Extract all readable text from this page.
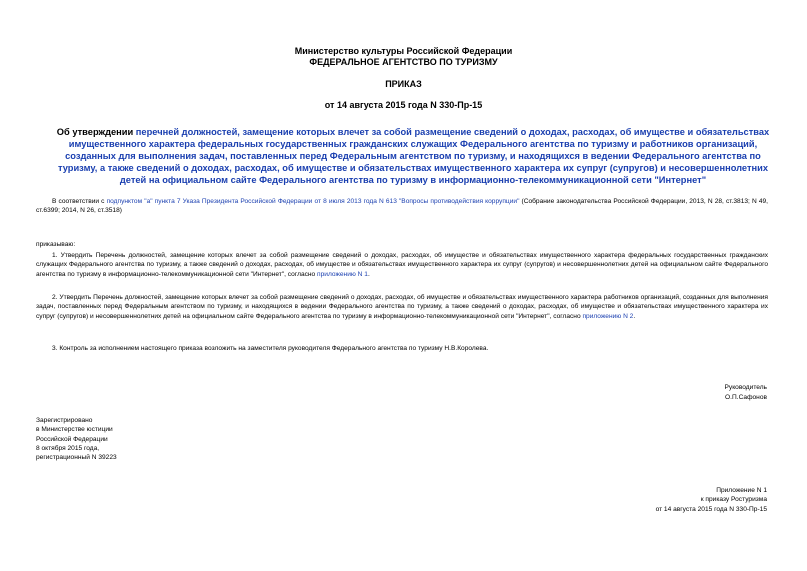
Министерство культуры Российской Федерации
ФЕДЕРАЛЬНОЕ АГЕНТСТВО ПО ТУРИЗМУ
ПРИКАЗ
от 14 августа 2015 года N 330-Пр-15
Об утверждении перечней должностей, замещение которых влечет за собой размещение сведений о доходах, расходах, об имуществе и обязательствах имущественного характера федеральных государственных гражданских служащих Федерального агентства по туризму и работников организаций, созданных для выполнения задач, поставленных перед Федеральным агентством по туризму, и находящихся в ведении Федерального агентства по туризму, а также сведений о доходах, расходах, об имуществе и обязательствах имущественного характера их супруг (супругов) и несовершеннолетних детей на официальном сайте Федерального агентства по туризму в информационно-телекоммуникационной сети "Интернет"
В соответствии с подпунктом "а" пункта 7 Указа Президента Российской Федерации от 8 июля 2013 года N 613 "Вопросы противодействия коррупции" (Собрание законодательства Российской Федерации, 2013, N 28, ст.3813; N 49, ст.6399; 2014, N 26, ст.3518)
приказываю:
1. Утвердить Перечень должностей, замещение которых влечет за собой размещение сведений о доходах, расходах, об имуществе и обязательствах имущественного характера федеральных государственных гражданских служащих Федерального агентства по туризму, а также сведений о доходах, расходах, об имуществе и обязательствах имущественного характера их супруг (супругов) и несовершеннолетних детей на официальном сайте Федерального агентства по туризму в информационно-телекоммуникационной сети "Интернет", согласно приложению N 1.
2. Утвердить Перечень должностей, замещение которых влечет за собой размещение сведений о доходах, расходах, об имуществе и обязательствах имущественного характера работников организаций, созданных для выполнения задач, поставленных перед Федеральным агентством по туризму, и находящихся в ведении Федерального агентства по туризму, а также сведений о доходах, расходах, об имуществе и обязательствах имущественного характера их супруг (супругов) и несовершеннолетних детей на официальном сайте Федерального агентства по туризму в информационно-телекоммуникационной сети "Интернет", согласно приложению N 2.
3. Контроль за исполнением настоящего приказа возложить на заместителя руководителя Федерального агентства по туризму Н.В.Королева.
Руководитель
О.П.Сафонов
Зарегистрировано
в Министерстве юстиции
Российской Федерации
8 октября 2015 года,
регистрационный N 39223
Приложение N 1
к приказу Ростуризма
от 14 августа 2015 года N 330-Пр-15
